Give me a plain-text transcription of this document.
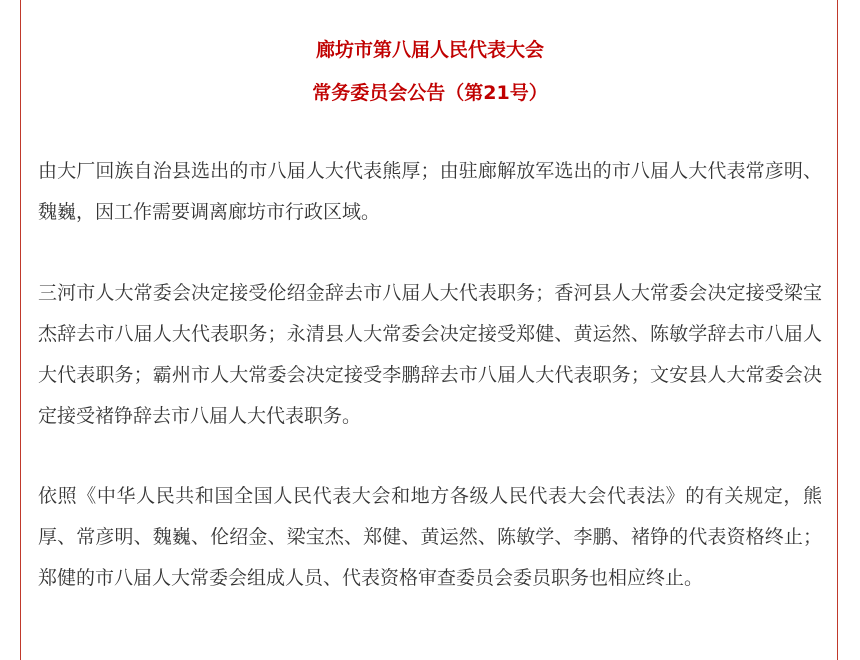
廊坊市第八届人民代表大会
常务委员会公告（第21号）
由大厂回族自治县选出的市八届人大代表熊厚；由驻廊解放军选出的市八届人大代表常彦明、魏巍，因工作需要调离廊坊市行政区域。
三河市人大常委会决定接受伦绍金辞去市八届人大代表职务；香河县人大常委会决定接受梁宝杰辞去市八届人大代表职务；永清县人大常委会决定接受郑健、黄运然、陈敏学辞去市八届人大代表职务；霸州市人大常委会决定接受李鹏辞去市八届人大代表职务；文安县人大常委会决定接受褚铮辞去市八届人大代表职务。
依照《中华人民共和国全国人民代表大会和地方各级人民代表大会代表法》的有关规定，熊厚、常彦明、魏巍、伦绍金、梁宝杰、郑健、黄运然、陈敏学、李鹏、褚铮的代表资格终止；郑健的市八届人大常委会组成人员、代表资格审查委员会委员职务也相应终止。
